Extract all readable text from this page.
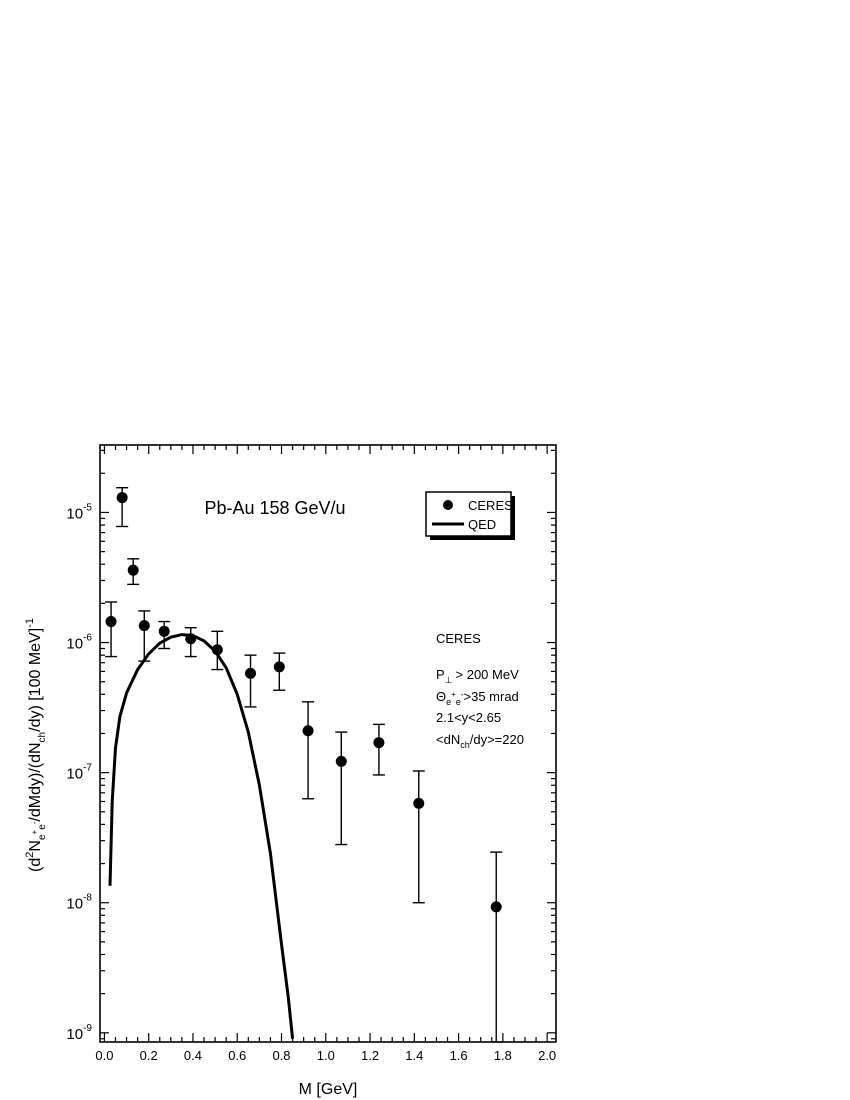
0.0 0.2 0.4 0.6 0.8 1.0 1.2 1.4 1.6 1.8 2.0
$10^{-9}$
$10^{-8}$
$10^{-7}$
$10^{-6}$
$10^{-5}$	Pb-Au 158 GeV/u	CERES
QED
CERES
$P_\perp > 200$ MeV
$\Theta_e^+_e^->35$ mrad
2.1<y<2.65
$<dN_{ch}/dy>=220$
M [GeV]
$(d^2N_e^+_e^-/dMdy)/(dN_{ch}/dy)$ [100 MeV]$^{-1}$
